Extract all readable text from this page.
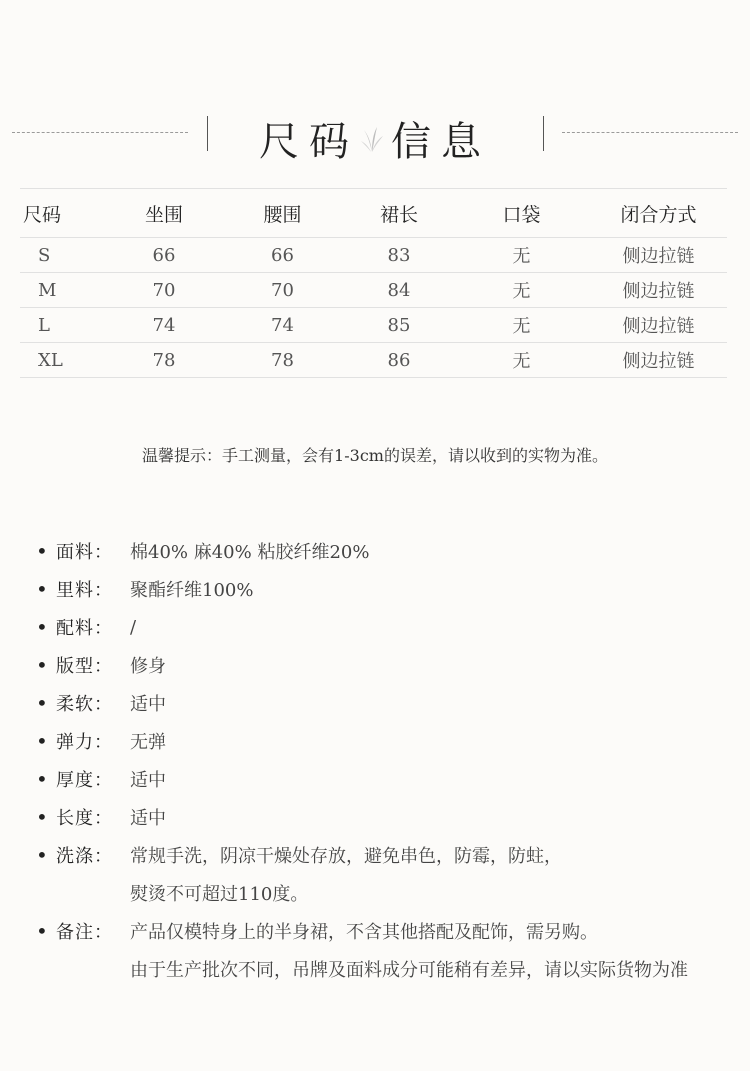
尺码 信息
尺码	坐围	腰围	裙长	口袋	闭合方式
S	66	66	83	无	侧边拉链
M	70	70	84	无	侧边拉链
L	74	74	85	无	侧边拉链
XL	78	78	86	无	侧边拉链
温馨提示：手工测量，会有1-3cm的误差，请以收到的实物为准。
• 面料： 棉40% 麻40% 粘胶纤维20%
• 里料： 聚酯纤维100%
• 配料： /
• 版型： 修身
• 柔软： 适中
• 弹力： 无弹
• 厚度： 适中
• 长度： 适中
• 洗涤： 常规手洗，阴凉干燥处存放，避免串色，防霉，防蛀，
熨烫不可超过110度。
• 备注： 产品仅模特身上的半身裙，不含其他搭配及配饰，需另购。
由于生产批次不同，吊牌及面料成分可能稍有差异，请以实际货物为准
